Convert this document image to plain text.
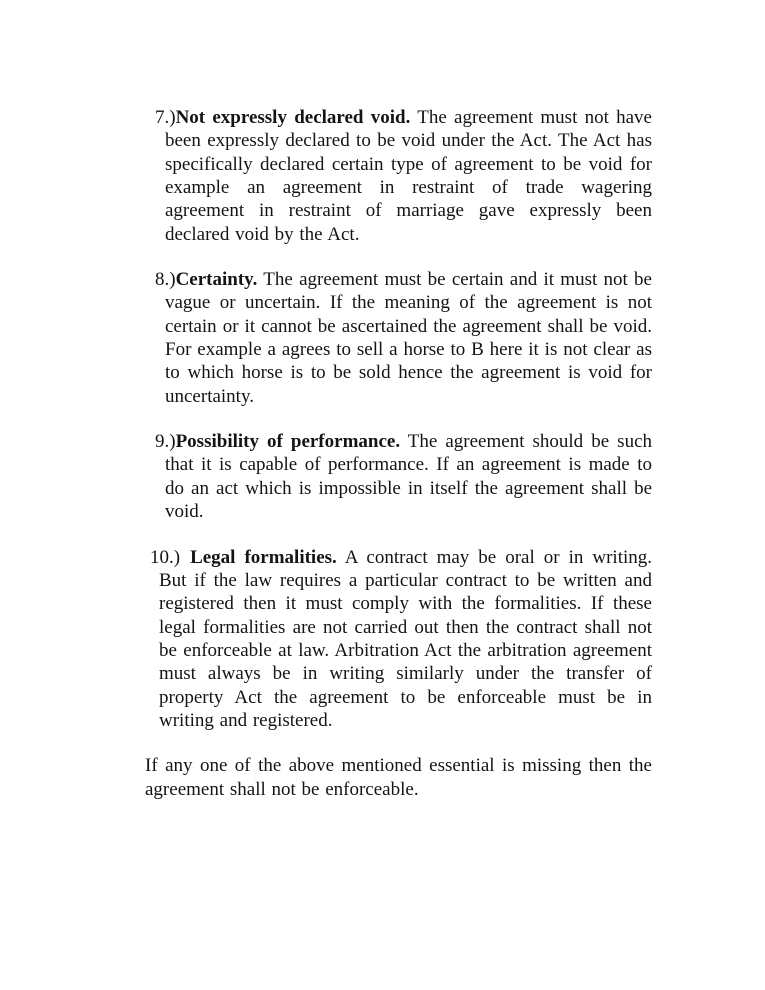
7.)Not expressly declared void. The agreement must not have been expressly declared to be void under the Act. The Act has specifically declared certain type of agreement to be void for example an agreement in restraint of trade wagering agreement in restraint of marriage gave expressly been declared void by the Act.
8.)Certainty. The agreement must be certain and it must not be vague or uncertain. If the meaning of the agreement is not certain or it cannot be ascertained the agreement shall be void. For example a agrees to sell a horse to B here it is not clear as to which horse is to be sold hence the agreement is void for uncertainty.
9.)Possibility of performance. The agreement should be such that it is capable of performance. If an agreement is made to do an act which is impossible in itself the agreement shall be void.
10.) Legal formalities. A contract may be oral or in writing. But if the law requires a particular contract to be written and registered then it must comply with the formalities. If these legal formalities are not carried out then the contract shall not be enforceable at law. Arbitration Act the arbitration agreement must always be in writing similarly under the transfer of property Act the agreement to be enforceable must be in writing and registered.
If any one of the above mentioned essential is missing then the agreement shall not be enforceable.
